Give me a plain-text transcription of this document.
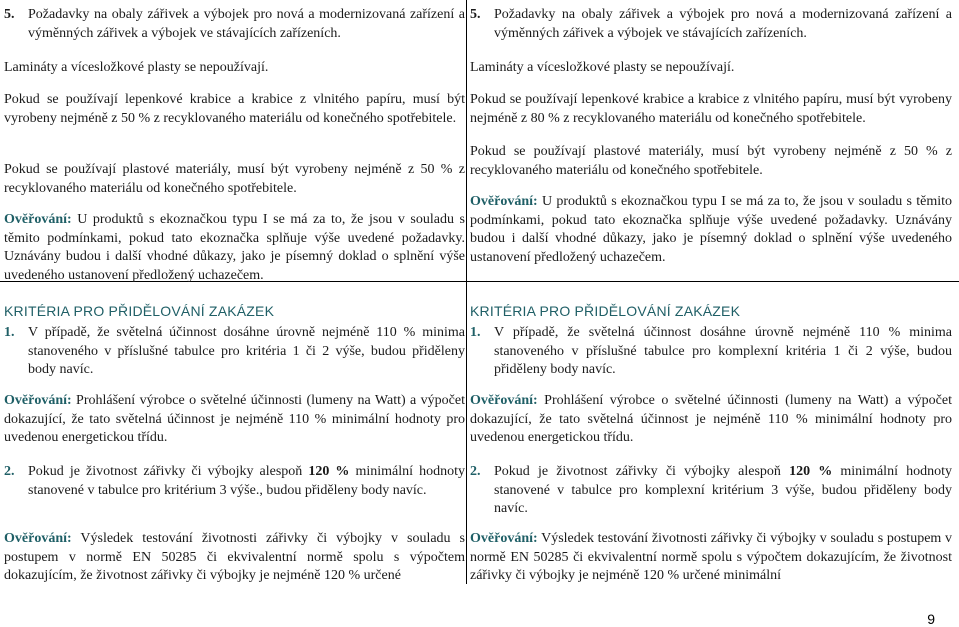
5. Požadavky na obaly zářivek a výbojek pro nová a modernizovaná zařízení a výměnných zářivek a výbojek ve stávajících zařízeních.

Lamináty a vícesložkové plasty se nepoužívají.

Pokud se používají lepenkové krabice a krabice z vlnitého papíru, musí být vyrobeny nejméně z 50 % z recyklovaného materiálu od konečného spotřebitele.

Pokud se používají plastové materiály, musí být vyrobeny nejméně z 50 % z recyklovaného materiálu od konečného spotřebitele.

Ověřování: U produktů s ekoznačkou typu I se má za to, že jsou v souladu s těmito podmínkami, pokud tato ekoznačka splňuje výše uvedené požadavky. Uznávány budou i další vhodné důkazy, jako je písemný doklad o splnění výše uvedeného ustanovení předložený uchazečem.

KRITÉRIA PRO PŘIDĚLOVÁNÍ ZAKÁZEK
1. V případě, že světelná účinnost dosáhne úrovně nejméně 110 % minima stanoveného v příslušné tabulce pro kritéria 1 či 2 výše, budou přiděleny body navíc.

Ověřování: Prohlášení výrobce o světelné účinnosti (lumeny na Watt) a výpočet dokazující, že tato světelná účinnost je nejméně 110 % minimální hodnoty pro uvedenou energetickou třídu.

2. Pokud je životnost zářivky či výbojky alespoň 120 % minimální hodnoty stanovené v tabulce pro kritérium 3 výše., budou přiděleny body navíc.

Ověřování: Výsledek testování životnosti zářivky či výbojky v souladu s postupem v normě EN 50285 či ekvivalentní normě spolu s výpočtem dokazujícím, že životnost zářivky či výbojky je nejméně 120 % určené

5. Požadavky na obaly zářivek a výbojek pro nová a modernizovaná zařízení a výměnných zářivek a výbojek ve stávajících zařízeních.

Lamináty a vícesložkové plasty se nepoužívají.

Pokud se používají lepenkové krabice a krabice z vlnitého papíru, musí být vyrobeny nejméně z 80 % z recyklovaného materiálu od konečného spotřebitele.

Pokud se používají plastové materiály, musí být vyrobeny nejméně z 50 % z recyklovaného materiálu od konečného spotřebitele.

Ověřování: U produktů s ekoznačkou typu I se má za to, že jsou v souladu s těmito podmínkami, pokud tato ekoznačka splňuje výše uvedené požadavky. Uznávány budou i další vhodné důkazy, jako je písemný doklad o splnění výše uvedeného ustanovení předložený uchazečem.

KRITÉRIA PRO PŘIDĚLOVÁNÍ ZAKÁZEK
1. V případě, že světelná účinnost dosáhne úrovně nejméně 110 % minima stanoveného v příslušné tabulce pro komplexní kritéria 1 či 2 výše, budou přiděleny body navíc.

Ověřování: Prohlášení výrobce o světelné účinnosti (lumeny na Watt) a výpočet dokazující, že tato světelná účinnost je nejméně 110 % minimální hodnoty pro uvedenou energetickou třídu.

2. Pokud je životnost zářivky či výbojky alespoň 120 % minimální hodnoty stanovené v tabulce pro komplexní kritérium 3 výše, budou přiděleny body navíc.

Ověřování: Výsledek testování životnosti zářivky či výbojky v souladu s postupem v normě EN 50285 či ekvivalentní normě spolu s výpočtem dokazujícím, že životnost zářivky či výbojky je nejméně 120 % určené minimální

9
